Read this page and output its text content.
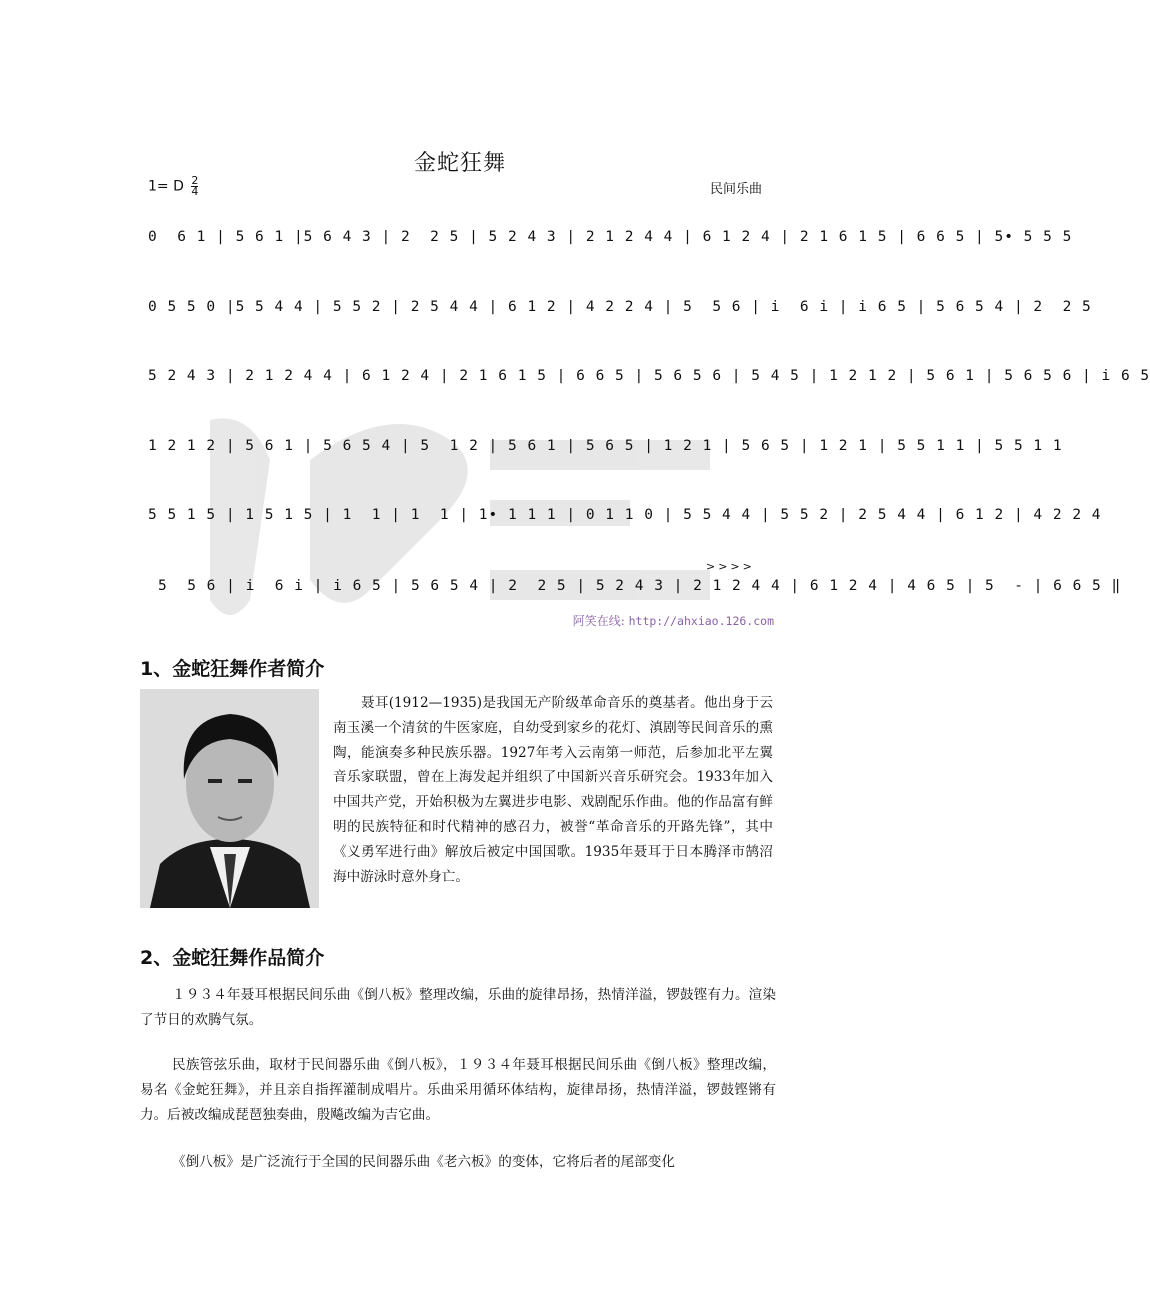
金蛇狂舞
1= D $\frac{2}{4}$	民间乐曲
0  6 1 | 5 6 1 |5 6 4 3 | 2  2 5 | 5 2 4 3 | 2 1 2 4 4 | 6 1 2 4 | 2 1 6 1 5 | 6 6 5 | 5• 5 5 5
0 5 5 0 |5 5 4 4 | 5 5 2 | 2 5 4 4 | 6 1 2 | 4 2 2 4 | 5  5 6 | i  6 i | i 6 5 | 5 6 5 4 | 2  2 5
5 2 4 3 | 2 1 2 4 4 | 6 1 2 4 | 2 1 6 1 5 | 6 6 5 | 5 6 5 6 | 5 4 5 | 1 2 1 2 | 5 6 1 | 5 6 5 6 | i 6 5
1 2 1 2 | 5 6 1 | 5 6 5 4 | 5  1 2 | 5 6 1 | 5 6 5 | 1 2 1 | 5 6 5 | 1 2 1 | 5 5 1 1 | 5 5 1 1
5 5 1 5 | 1 5 1 5 | 1  1 | 1  1 | 1• 1 1 1 | 0 1 1 0 | 5 5 4 4 | 5 5 2 | 2 5 4 4 | 6 1 2 | 4 2 2 4
>>>>
5  5 6 | i  6 i | i 6 5 | 5 6 5 4 | 2  2 5 | 5 2 4 3 | 2 1 2 4 4 | 6 1 2 4 | 4 6 5 | 5  - | 6 6 5 ‖
阿笑在线: http://ahxiao.126.com
1、金蛇狂舞作者简介
聂耳(1912—1935)是我国无产阶级革命音乐的奠基者。他出身于云南玉溪一个清贫的牛医家庭，自幼受到家乡的花灯、滇剧等民间音乐的熏陶，能演奏多种民族乐器。1927年考入云南第一师范，后参加北平左翼音乐家联盟，曾在上海发起并组织了中国新兴音乐研究会。1933年加入中国共产党，开始积极为左翼进步电影、戏剧配乐作曲。他的作品富有鲜明的民族特征和时代精神的感召力，被誉“革命音乐的开路先锋”，其中《义勇军进行曲》解放后被定中国国歌。1935年聂耳于日本腾泽市鹄沼海中游泳时意外身亡。
2、金蛇狂舞作品简介
１９３４年聂耳根据民间乐曲《倒八板》整理改编，乐曲的旋律昂扬，热情洋溢，锣鼓铿有力。渲染了节日的欢腾气氛。
民族管弦乐曲，取材于民间器乐曲《倒八板》，１９３４年聂耳根据民间乐曲《倒八板》整理改编，易名《金蛇狂舞》，并且亲自指挥灌制成唱片。乐曲采用循环体结构，旋律昂扬，热情洋溢，锣鼓铿锵有力。后被改编成琵琶独奏曲，殷飚改编为吉它曲。
《倒八板》是广泛流行于全国的民间器乐曲《老六板》的变体，它将后者的尾部变化
